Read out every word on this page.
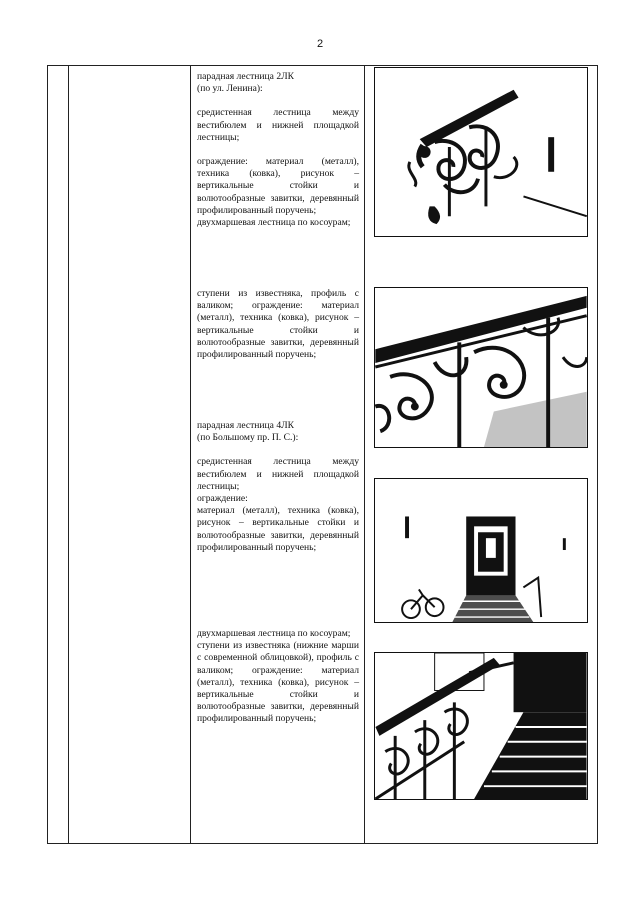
2

парадная лестница 2ЛК

(по ул. Ленина):

средистенная лестница между вестибюлем и нижней площадкой лестницы;

ограждение: материал (металл), техника (ковка), рисунок – вертикальные стойки и волютообразные завитки, деревянный профилированный поручень;

двухмаршевая лестница по косоурам;

ступени из известняка, профиль с валиком; ограждение: материал (металл), техника (ковка), рисунок – вертикальные стойки и волютообразные завитки, деревянный профилированный поручень;

парадная лестница 4ЛК

(по Большому пр. П. С.):

средистенная лестница между вестибюлем и нижней площадкой лестницы;

ограждение:

материал (металл), техника (ковка), рисунок – вертикальные стойки и волютообразные завитки, деревянный профилированный поручень;

двухмаршевая лестница по косоурам;

ступени из известняка (нижние марши с современной облицовкой), профиль с валиком; ограждение: материал (металл), техника (ковка), рисунок – вертикальные стойки и волютообразные завитки, деревянный профилированный поручень;
